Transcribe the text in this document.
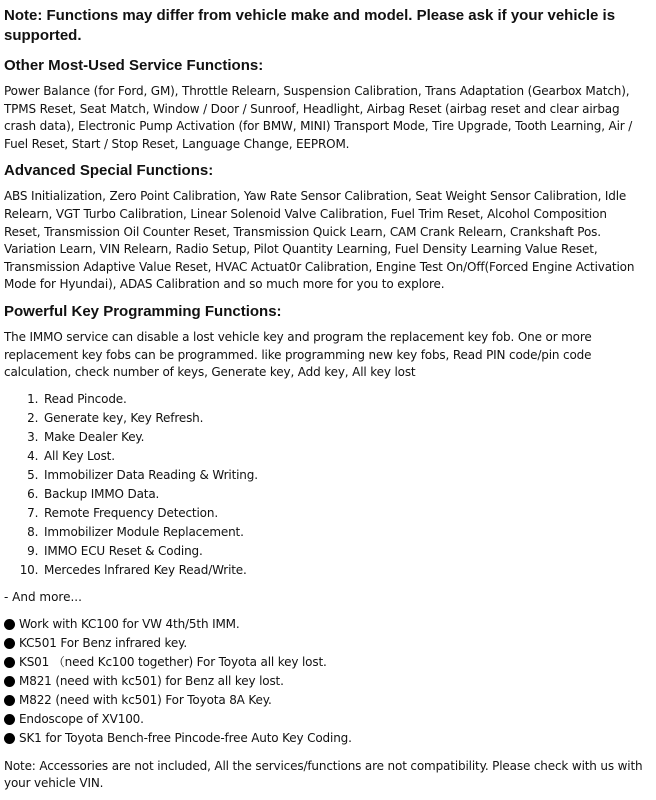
Note: Functions may differ from vehicle make and model. Please ask if your vehicle is supported.
Other Most-Used Service Functions:

Power Balance (for Ford, GM), Throttle Relearn, Suspension Calibration, Trans Adaptation (Gearbox Match), TPMS Reset, Seat Match, Window / Door / Sunroof, Headlight, Airbag Reset (airbag reset and clear airbag crash data), Electronic Pump Activation (for BMW, MINI) Transport Mode, Tire Upgrade, Tooth Learning, Air / Fuel Reset, Start / Stop Reset, Language Change, EEPROM.

Advanced Special Functions:

ABS Initialization, Zero Point Calibration, Yaw Rate Sensor Calibration, Seat Weight Sensor Calibration, Idle Relearn, VGT Turbo Calibration, Linear Solenoid Valve Calibration, Fuel Trim Reset, Alcohol Composition Reset, Transmission Oil Counter Reset, Transmission Quick Learn, CAM Crank Relearn, Crankshaft Pos. Variation Learn, VIN Relearn, Radio Setup, Pilot Quantity Learning, Fuel Density Learning Value Reset, Transmission Adaptive Value Reset, HVAC Actuat0r Calibration, Engine Test On/Off(Forced Engine Activation Mode for Hyundai), ADAS Calibration and so much more for you to explore.

Powerful Key Programming Functions:

The IMMO service can disable a lost vehicle key and program the replacement key fob. One or more replacement key fobs can be programmed. like programming new key fobs, Read PIN code/pin code calculation, check number of keys, Generate key, Add key, All key lost

1. Read Pincode.
2. Generate key, Key Refresh.
3. Make Dealer Key.
4. All Key Lost.
5. Immobilizer Data Reading & Writing.
6. Backup IMMO Data.
7. Remote Frequency Detection.
8. Immobilizer Module Replacement.
9. IMMO ECU Reset & Coding.
10. Mercedes lnfrared Key Read/Write.
- And more...
Work with KC100 for VW 4th/5th IMM.
KC501 For Benz infrared key.
KS01 （need Kc100 together) For Toyota all key lost.
M821 (need with kc501) for Benz all key lost.
M822 (need with kc501) For Toyota 8A Key.
Endoscope of XV100.
SK1 for Toyota Bench-free Pincode-free Auto Key Coding.

Note: Accessories are not included, All the services/functions are not compatibility. Please check with us with your vehicle VIN.
